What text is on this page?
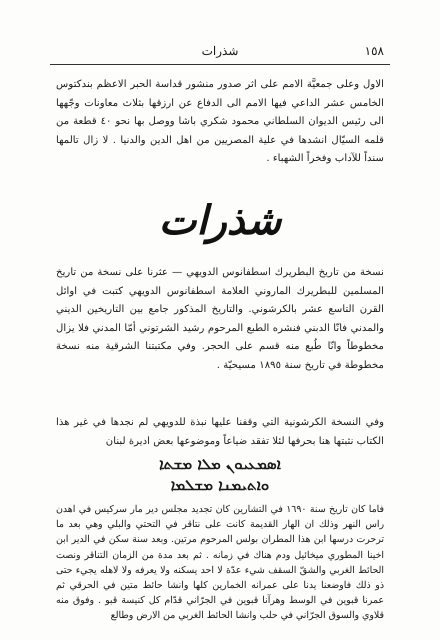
١٥٨
شذرات

الاول وعلى جمعيَّة الامم على اثر صدور منشور قداسة الحبر الاعظم بندكتوس الخامس عشر الداعي فيها الامم الى الدفاع عن ارزقها بثلاث معاونات وجّهها الى رئيس الديوان السلطاني محمود شكري باشا ووصل بها نحو ٤٠ قطعة من قلمه السيّال انشدها في علية المصريين من اهل الدين والدنيا . لا زال تالمها سنداً للآداب وفخراً الشهباء .

شذرات

نسخة من تاريخ البطريرك اسطفانوس الدويهي — عثرنا على نسخة من تاريخ المسلمين للبطريرك الماروني العلامة اسطفانوس الدويهي كتبت في اوائل القرن التاسع عشر بالكرشوني. والتاريخ المذكور جامع بين التاريخين الديني والمدني فانّا الدبني فنشره الطبع المرحوم رشيد الشرتوني أمّا المدني فلا يزال مخطوطاً وانّا طُبع منه قسم على الحجر. وفي مكتبتنا الشرقية منه نسخة مخطوطة في تاريخ سنة ١٨٩٥ مسيحيّة .

وفي النسخة الكرشونية التي وقفنا عليها نبذة للدويهي لم نجدها في غير هذا الكتاب نثبتها هنا بحرفها لئلا تفقد ضياعاً وموضوعها بعض اديرة لبنان

ܐܣܡܥܝܘܢ ܡܠܐ ܡܫܬܐ
ܘܐܬܝܡܢܐ ܡܫܠܡܐ

فاما كان تاريخ سنة ١٦٩٠ في التشارين كان تجديد مجلس دير مار سركيس في اهدن راس النهر وذلك ان الهار القديمة كانت على نتاقر في التحتي والبلي وهي بعد ما ترحرت درسها ابن هذا المطران بولس المرحوم مرتين. وبعد سنة سكن في الدير ابن اخينا المطوري ميخائيل ودم هناك في زمانه . ثم بعد مدة من الزمان التناقر ونصت الحائط الغربي والشقّ السقف شيء عدّة لا احد يسكنه ولا يعرفه ولا لاهله يجيء حتى ذو ذلك فاوضعنا يدنا على عمرانه الخمارين كلها وانشا حائط متين في الحرقي ثم عمرنا قبوين في الوسط وهرآنا قبوين في الجرّاني قدّام كل كنيسة قبو . وفوق منه قلاوي والسوق الجرّاني في حلب وانشا الحائط الغربي من الارض وطالع
